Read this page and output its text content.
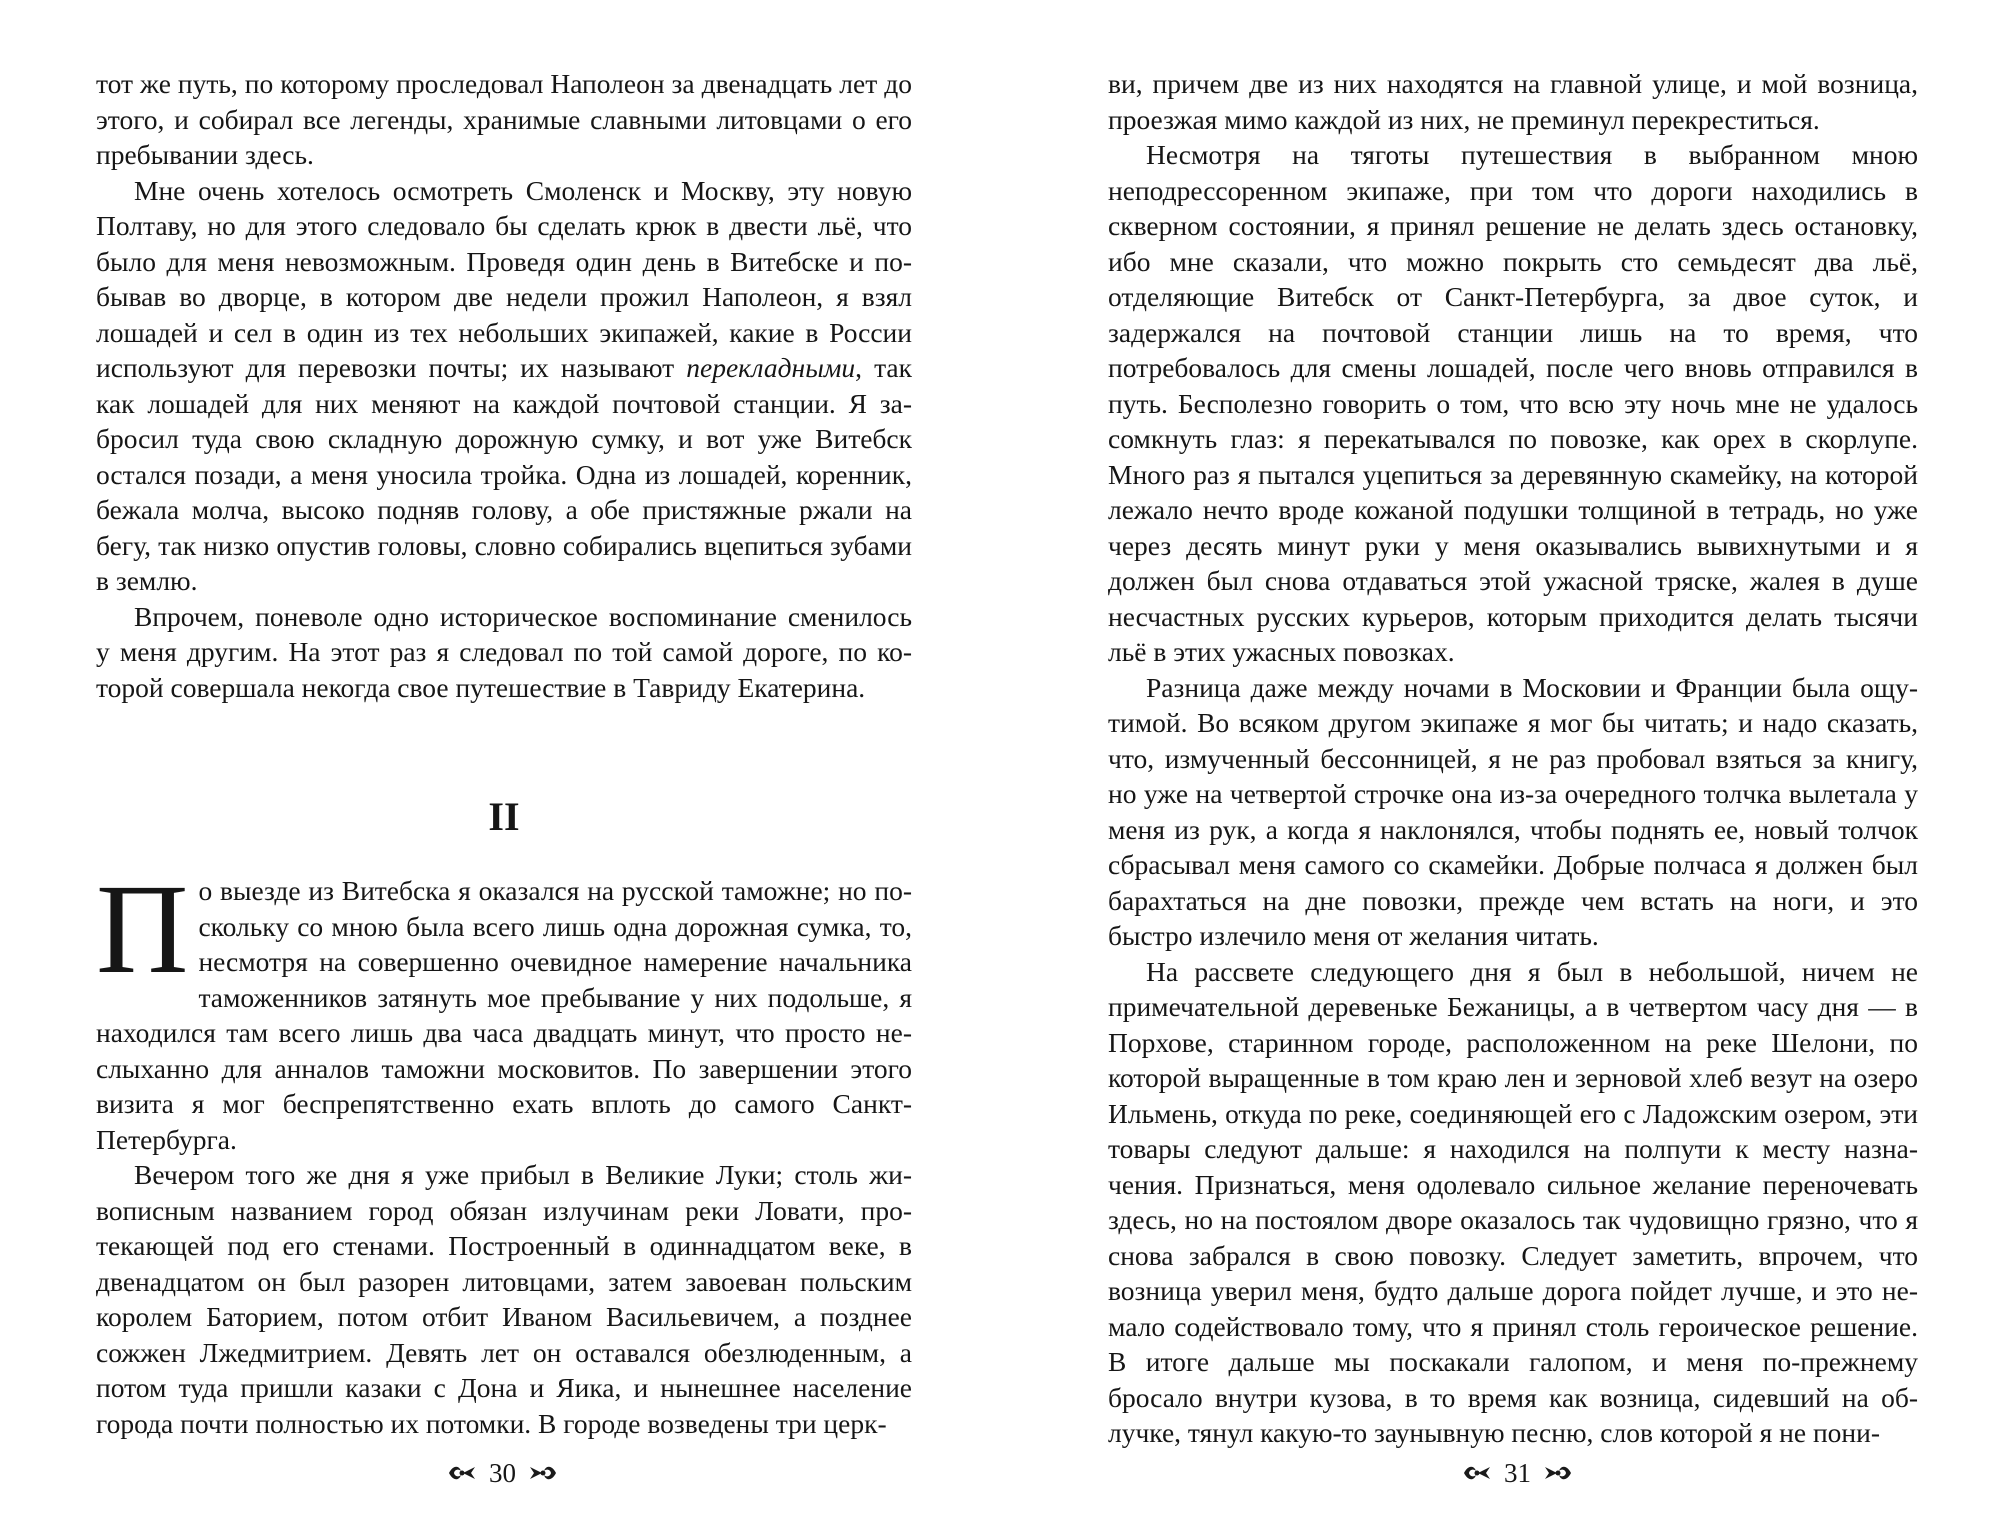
тот же путь, по которому проследовал Наполеон за двенадцать лет до этого, и собирал все легенды, хранимые славными литовцами о его пребывании здесь.

Мне очень хотелось осмотреть Смоленск и Москву, эту новую Полтаву, но для этого следовало бы сделать крюк в двести льё, что было для меня невозможным. Проведя один день в Витебске и побывав во дворце, в котором две недели прожил Наполеон, я взял лошадей и сел в один из тех небольших экипажей, какие в России используют для перевозки почты; их называют перекладными, так как лошадей для них меняют на каждой почтовой станции. Я забросил туда свою складную дорожную сумку, и вот уже Витебск остался позади, а меня уносила тройка. Одна из лошадей, коренник, бежала молча, высоко подняв голову, а обе пристяжные ржали на бегу, так низко опустив головы, словно собирались вцепиться зубами в землю.

Впрочем, поневоле одно историческое воспоминание сменилось у меня другим. На этот раз я следовал по той самой дороге, по которой совершала некогда свое путешествие в Тавриду Екатерина.

II

По выезде из Витебска я оказался на русской таможне; но поскольку со мною была всего лишь одна дорожная сумка, то, несмотря на совершенно очевидное намерение начальника таможенников затянуть мое пребывание у них подольше, я находился там всего лишь два часа двадцать минут, что просто неслыханно для анналов таможни московитов. По завершении этого визита я мог беспрепятственно ехать вплоть до самого Санкт-Петербурга.

Вечером того же дня я уже прибыл в Великие Луки; столь живописным названием город обязан излучинам реки Ловати, протекающей под его стенами. Построенный в одиннадцатом веке, в двенадцатом он был разорен литовцами, затем завоеван польским королем Баторием, потом отбит Иваном Васильевичем, а позднее сожжен Лжедмитрием. Девять лет он оставался обезлюденным, а потом туда пришли казаки с Дона и Яика, и нынешнее население города почти полностью их потомки. В городе возведены три церк-

30

ви, причем две из них находятся на главной улице, и мой возница, проезжая мимо каждой из них, не преминул перекреститься.

Несмотря на тяготы путешествия в выбранном мною неподрессоренном экипаже, при том что дороги находились в скверном состоянии, я принял решение не делать здесь остановку, ибо мне сказали, что можно покрыть сто семьдесят два льё, отделяющие Витебск от Санкт-Петербурга, за двое суток, и задержался на почтовой станции лишь на то время, что потребовалось для смены лошадей, после чего вновь отправился в путь. Бесполезно говорить о том, что всю эту ночь мне не удалось сомкнуть глаз: я перекатывался по повозке, как орех в скорлупе. Много раз я пытался уцепиться за деревянную скамейку, на которой лежало нечто вроде кожаной подушки толщиной в тетрадь, но уже через десять минут руки у меня оказывались вывихнутыми и я должен был снова отдаваться этой ужасной тряске, жалея в душе несчастных русских курьеров, которым приходится делать тысячи льё в этих ужасных повозках.

Разница даже между ночами в Московии и Франции была ощутимой. Во всяком другом экипаже я мог бы читать; и надо сказать, что, измученный бессонницей, я не раз пробовал взяться за книгу, но уже на четвертой строчке она из-за очередного толчка вылетала у меня из рук, а когда я наклонялся, чтобы поднять ее, новый толчок сбрасывал меня самого со скамейки. Добрые полчаса я должен был барахтаться на дне повозки, прежде чем встать на ноги, и это быстро излечило меня от желания читать.

На рассвете следующего дня я был в небольшой, ничем не примечательной деревеньке Бежаницы, а в четвертом часу дня — в Порхове, старинном городе, расположенном на реке Шелони, по которой выращенные в том краю лен и зерновой хлеб везут на озеро Ильмень, откуда по реке, соединяющей его с Ладожским озером, эти товары следуют дальше: я находился на полпути к месту назначения. Признаться, меня одолевало сильное желание переночевать здесь, но на постоялом дворе оказалось так чудовищно грязно, что я снова забрался в свою повозку. Следует заметить, впрочем, что возница уверил меня, будто дальше дорога пойдет лучше, и это немало содействовало тому, что я принял столь героическое решение. В итоге дальше мы поскакали галопом, и меня по-прежнему бросало внутри кузова, в то время как возница, сидевший на облучке, тянул какую-то заунывную песню, слов которой я не пони-

31
